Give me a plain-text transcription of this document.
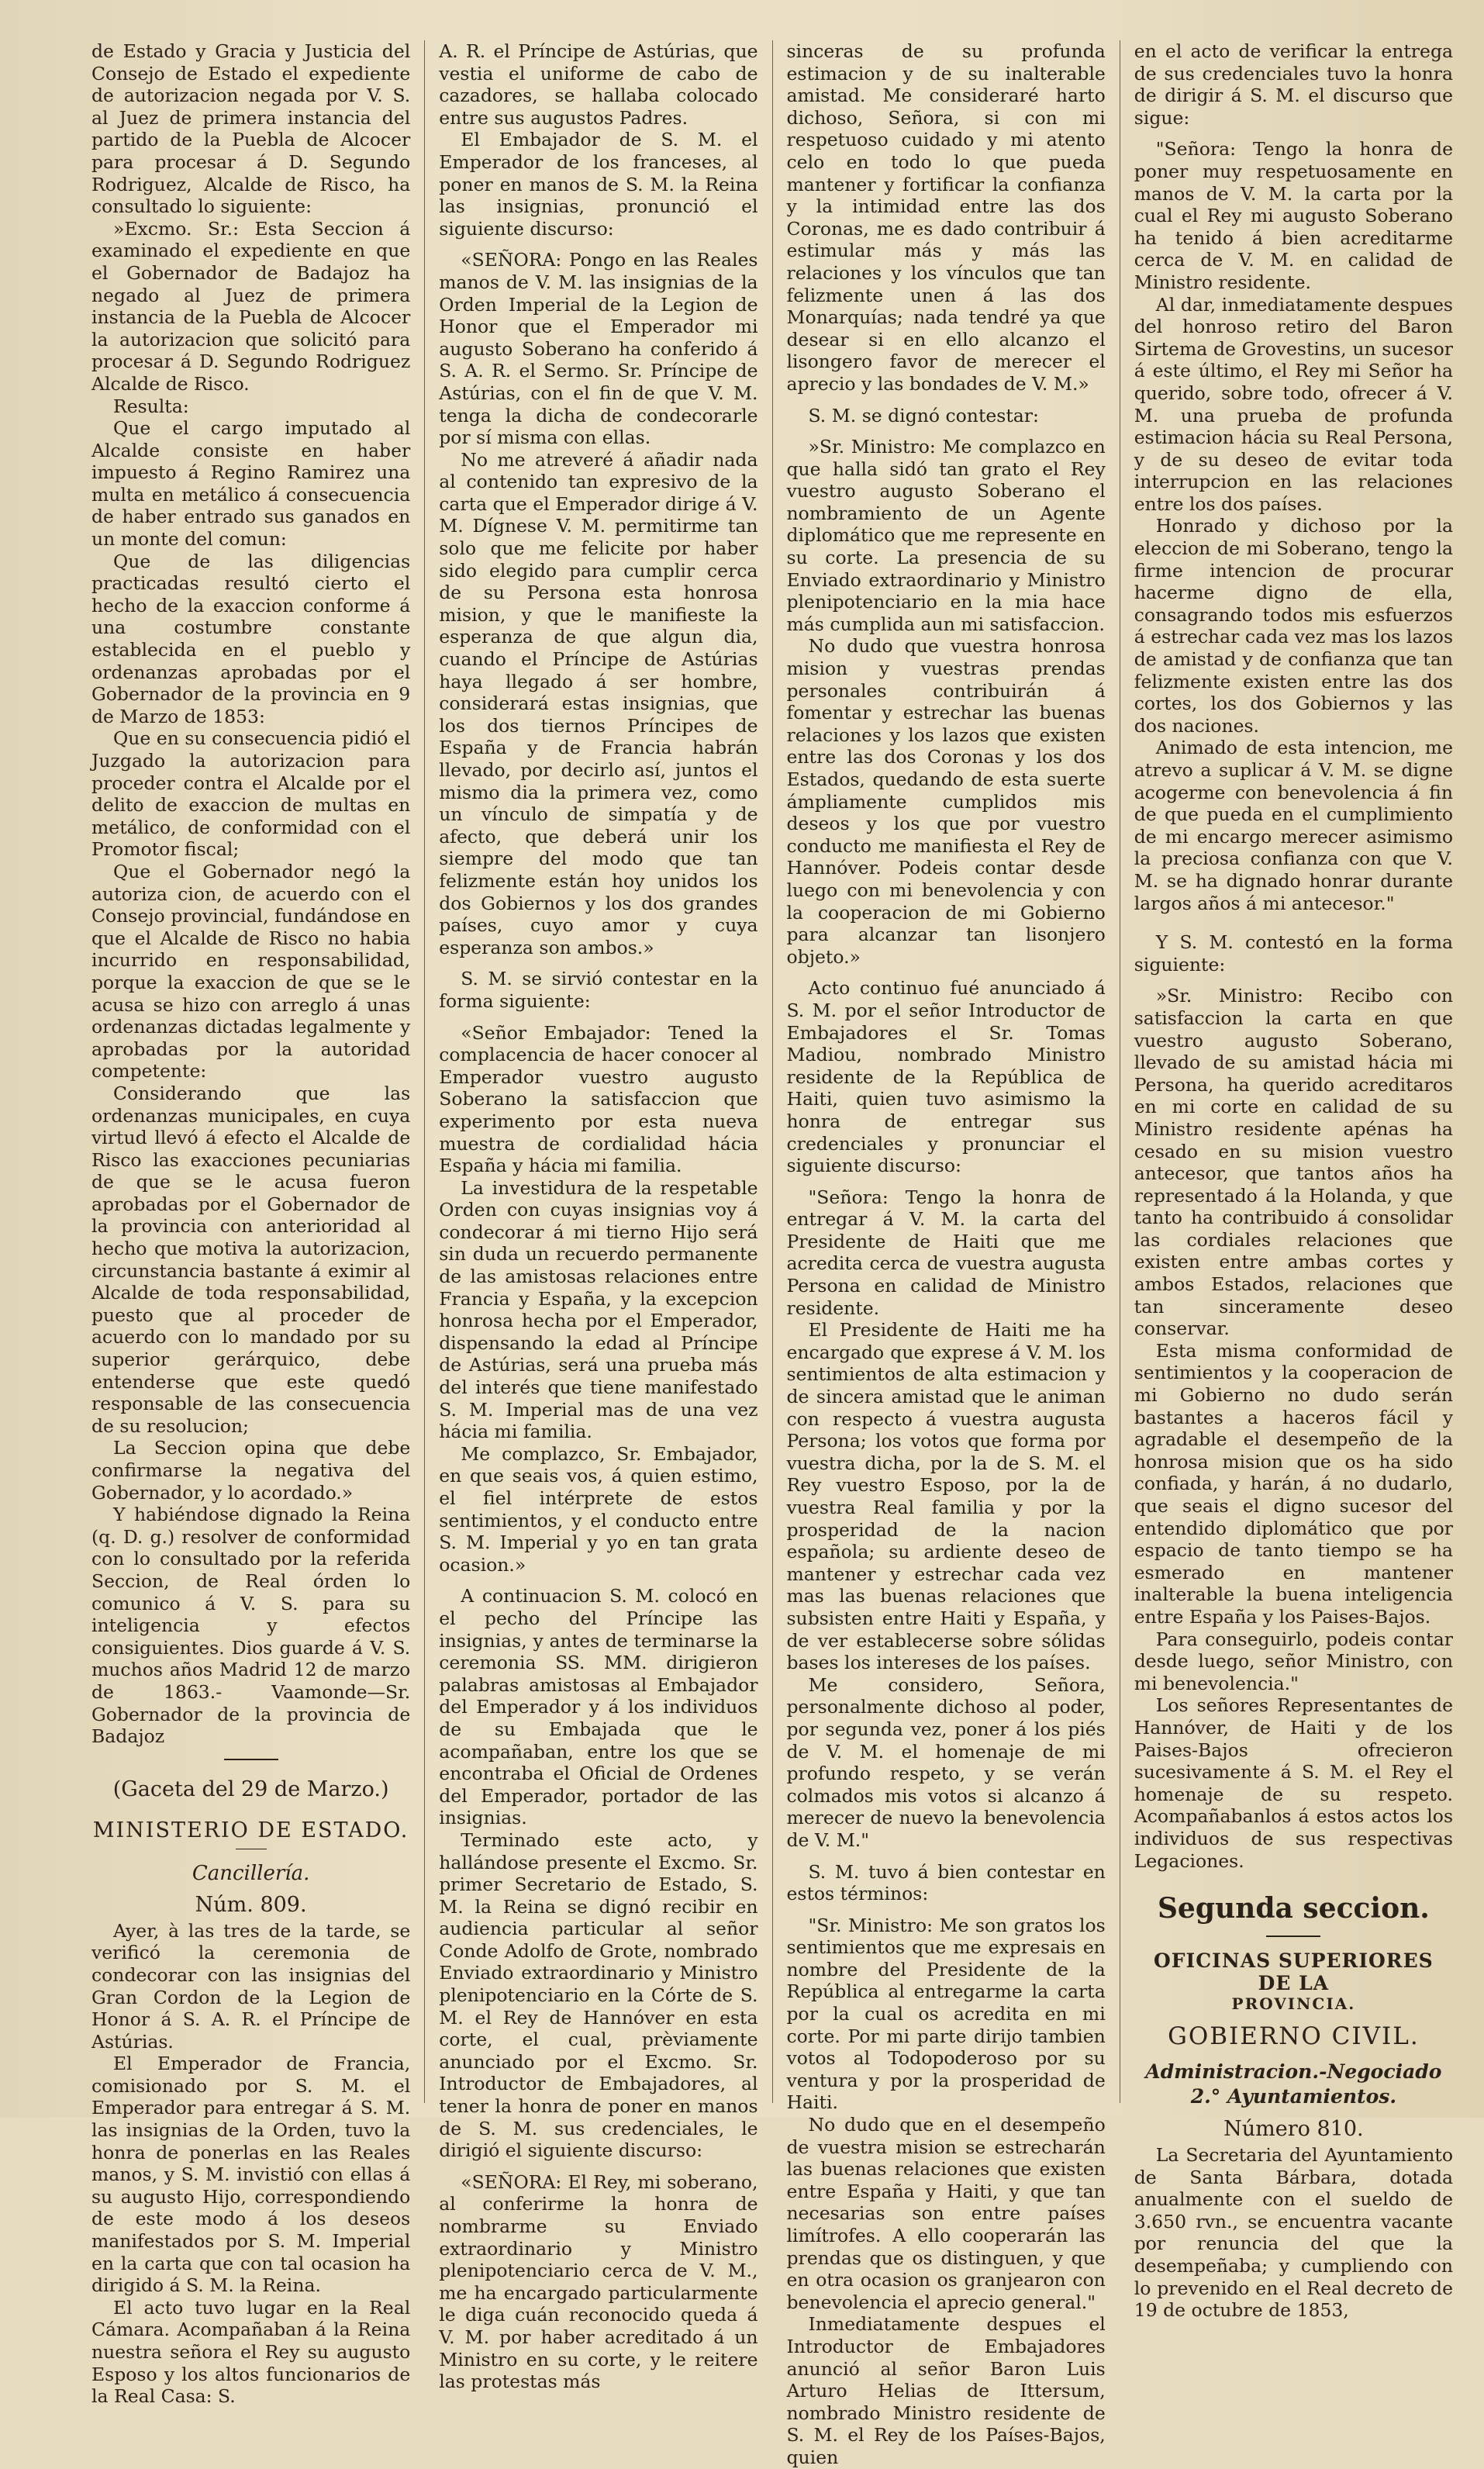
de Estado y Gracia y Justicia del Consejo de Estado el expediente de autorizacion negada por V. S. al Juez de primera instancia del partido de la Puebla de Alcocer para procesar á D. Segundo Rodriguez, Alcalde de Risco, ha consultado lo siguiente:

»Excmo. Sr.: Esta Seccion á examinado el expediente en que el Gobernador de Badajoz ha negado al Juez de primera instancia de la Puebla de Alcocer la autorizacion que solicitó para procesar á D. Segundo Rodriguez Alcalde de Risco.

Resulta:

Que el cargo imputado al Alcalde consiste en haber impuesto á Regino Ramirez una multa en metálico á consecuencia de haber entrado sus ganados en un monte del comun:

Que de las diligencias practicadas resultó cierto el hecho de la exaccion conforme á una costumbre constante establecida en el pueblo y ordenanzas aprobadas por el Gobernador de la provincia en 9 de Marzo de 1853:

Que en su consecuencia pidió el Juzgado la autorizacion para proceder contra el Alcalde por el delito de exaccion de multas en metálico, de conformidad con el Promotor fiscal;

Que el Gobernador negó la autoriza cion, de acuerdo con el Consejo provincial, fundándose en que el Alcalde de Risco no habia incurrido en responsabilidad, porque la exaccion de que se le acusa se hizo con arreglo á unas ordenanzas dictadas legalmente y aprobadas por la autoridad competente:

Considerando que las ordenanzas municipales, en cuya virtud llevó á efecto el Alcalde de Risco las exacciones pecuniarias de que se le acusa fueron aprobadas por el Gobernador de la provincia con anterioridad al hecho que motiva la autorizacion, circunstancia bastante á eximir al Alcalde de toda responsabilidad, puesto que al proceder de acuerdo con lo mandado por su superior gerárquico, debe entenderse que este quedó responsable de las consecuencia de su resolucion;

La Seccion opina que debe confirmarse la negativa del Gobernador, y lo acordado.»

Y habiéndose dignado la Reina (q. D. g.) resolver de conformidad con lo consultado por la referida Seccion, de Real órden lo comunico á V. S. para su inteligencia y efectos consiguientes. Dios guarde á V. S. muchos años Madrid 12 de marzo de 1863.- Vaamonde—Sr. Gobernador de la provincia de Badajoz

(Gaceta del 29 de Marzo.)
MINISTERIO DE ESTADO.
Cancillería.
Núm. 809.

Ayer, à las tres de la tarde, se verificó la ceremonia de condecorar con las insignias del Gran Cordon de la Legion de Honor á S. A. R. el Príncipe de Astúrias.

El Emperador de Francia, comisionado por S. M. el Emperador para entregar á S. M. las insignias de la Orden, tuvo la honra de ponerlas en las Reales manos, y S. M. invistió con ellas á su augusto Hijo, correspondiendo de este modo á los deseos manifestados por S. M. Imperial en la carta que con tal ocasion ha dirigido á S. M. la Reina.

El acto tuvo lugar en la Real Cámara. Acompañaban á la Reina nuestra señora el Rey su augusto Esposo y los altos funcionarios de la Real Casa: S.

A. R. el Príncipe de Astúrias, que vestia el uniforme de cabo de cazadores, se hallaba colocado entre sus augustos Padres.

El Embajador de S. M. el Emperador de los franceses, al poner en manos de S. M. la Reina las insignias, pronunció el siguiente discurso:

«SEÑORA: Pongo en las Reales manos de V. M. las insignias de la Orden Imperial de la Legion de Honor que el Emperador mi augusto Soberano ha conferido á S. A. R. el Sermo. Sr. Príncipe de Astúrias, con el fin de que V. M. tenga la dicha de condecorarle por sí misma con ellas.

No me atreveré á añadir nada al contenido tan expresivo de la carta que el Emperador dirige á V. M. Dígnese V. M. permitirme tan solo que me felicite por haber sido elegido para cumplir cerca de su Persona esta honrosa mision, y que le manifieste la esperanza de que algun dia, cuando el Príncipe de Astúrias haya llegado á ser hombre, considerará estas insignias, que los dos tiernos Príncipes de España y de Francia habrán llevado, por decirlo así, juntos el mismo dia la primera vez, como un vínculo de simpatía y de afecto, que deberá unir los siempre del modo que tan felizmente están hoy unidos los dos Gobiernos y los dos grandes países, cuyo amor y cuya esperanza son ambos.»

S. M. se sirvió contestar en la forma siguiente:

«Señor Embajador: Tened la complacencia de hacer conocer al Emperador vuestro augusto Soberano la satisfaccion que experimento por esta nueva muestra de cordialidad hácia España y hácia mi familia.

La investidura de la respetable Orden con cuyas insignias voy á condecorar á mi tierno Hijo será sin duda un recuerdo permanente de las amistosas relaciones entre Francia y España, y la excepcion honrosa hecha por el Emperador, dispensando la edad al Príncipe de Astúrias, será una prueba más del interés que tiene manifestado S. M. Imperial mas de una vez hácia mi familia.

Me complazco, Sr. Embajador, en que seais vos, á quien estimo, el fiel intérprete de estos sentimientos, y el conducto entre S. M. Imperial y yo en tan grata ocasion.»

A continuacion S. M. colocó en el pecho del Príncipe las insignias, y antes de terminarse la ceremonia SS. MM. dirigieron palabras amistosas al Embajador del Emperador y á los individuos de su Embajada que le acompañaban, entre los que se encontraba el Oficial de Ordenes del Emperador, portador de las insignias.

Terminado este acto, y hallándose presente el Excmo. Sr. primer Secretario de Estado, S. M. la Reina se dignó recibir en audiencia particular al señor Conde Adolfo de Grote, nombrado Enviado extraordinario y Ministro plenipotenciario en la Córte de S. M. el Rey de Hannóver en esta corte, el cual, prèviamente anunciado por el Excmo. Sr. Introductor de Embajadores, al tener la honra de poner en manos de S. M. sus credenciales, le dirigió el siguiente discurso:

«SEÑORA: El Rey, mi soberano, al conferirme la honra de nombrarme su Enviado extraordinario y Ministro plenipotenciario cerca de V. M., me ha encargado particularmente le diga cuán reconocido queda á V. M. por haber acreditado á un Ministro en su corte, y le reitere las protestas más

sinceras de su profunda estimacion y de su inalterable amistad. Me consideraré harto dichoso, Señora, si con mi respetuoso cuidado y mi atento celo en todo lo que pueda mantener y fortificar la confianza y la intimidad entre las dos Coronas, me es dado contribuir á estimular más y más las relaciones y los vínculos que tan felizmente unen á las dos Monarquías; nada tendré ya que desear si en ello alcanzo el lisongero favor de merecer el aprecio y las bondades de V. M.»

S. M. se dignó contestar:

»Sr. Ministro: Me complazco en que halla sidó tan grato el Rey vuestro augusto Soberano el nombramiento de un Agente diplomático que me represente en su corte. La presencia de su Enviado extraordinario y Ministro plenipotenciario en la mia hace más cumplida aun mi satisfaccion.

No dudo que vuestra honrosa mision y vuestras prendas personales contribuirán á fomentar y estrechar las buenas relaciones y los lazos que existen entre las dos Coronas y los dos Estados, quedando de esta suerte ámpliamente cumplidos mis deseos y los que por vuestro conducto me manifiesta el Rey de Hannóver. Podeis contar desde luego con mi benevolencia y con la cooperacion de mi Gobierno para alcanzar tan lisonjero objeto.»

Acto continuo fué anunciado á S. M. por el señor Introductor de Embajadores el Sr. Tomas Madiou, nombrado Ministro residente de la República de Haiti, quien tuvo asimismo la honra de entregar sus credenciales y pronunciar el siguiente discurso:

"Señora: Tengo la honra de entregar á V. M. la carta del Presidente de Haiti que me acredita cerca de vuestra augusta Persona en calidad de Ministro residente.

El Presidente de Haiti me ha encargado que exprese á V. M. los sentimientos de alta estimacion y de sincera amistad que le animan con respecto á vuestra augusta Persona; los votos que forma por vuestra dicha, por la de S. M. el Rey vuestro Esposo, por la de vuestra Real familia y por la prosperidad de la nacion española; su ardiente deseo de mantener y estrechar cada vez mas las buenas relaciones que subsisten entre Haiti y España, y de ver establecerse sobre sólidas bases los intereses de los países.

Me considero, Señora, personalmente dichoso al poder, por segunda vez, poner á los piés de V. M. el homenaje de mi profundo respeto, y se verán colmados mis votos si alcanzo á merecer de nuevo la benevolencia de V. M."

S. M. tuvo á bien contestar en estos términos:

"Sr. Ministro: Me son gratos los sentimientos que me expresais en nombre del Presidente de la República al entregarme la carta por la cual os acredita en mi corte. Por mi parte dirijo tambien votos al Todopoderoso por su ventura y por la prosperidad de Haiti.

No dudo que en el desempeño de vuestra mision se estrecharán las buenas relaciones que existen entre España y Haiti, y que tan necesarias son entre países limítrofes. A ello cooperarán las prendas que os distinguen, y que en otra ocasion os granjearon con benevolencia el aprecio general."

Inmediatamente despues el Introductor de Embajadores anunció al señor Baron Luis Arturo Helias de Ittersum, nombrado Ministro residente de S. M. el Rey de los Países-Bajos, quien

en el acto de verificar la entrega de sus credenciales tuvo la honra de dirigir á S. M. el discurso que sigue:

"Señora: Tengo la honra de poner muy respetuosamente en manos de V. M. la carta por la cual el Rey mi augusto Soberano ha tenido á bien acreditarme cerca de V. M. en calidad de Ministro residente.

Al dar, inmediatamente despues del honroso retiro del Baron Sirtema de Grovestins, un sucesor á este último, el Rey mi Señor ha querido, sobre todo, ofrecer á V. M. una prueba de profunda estimacion hácia su Real Persona, y de su deseo de evitar toda interrupcion en las relaciones entre los dos países.

Honrado y dichoso por la eleccion de mi Soberano, tengo la firme intencion de procurar hacerme digno de ella, consagrando todos mis esfuerzos á estrechar cada vez mas los lazos de amistad y de confianza que tan felizmente existen entre las dos cortes, los dos Gobiernos y las dos naciones.

Animado de esta intencion, me atrevo a suplicar á V. M. se digne acogerme con benevolencia á fin de que pueda en el cumplimiento de mi encargo merecer asimismo la preciosa confianza con que V. M. se ha dignado honrar durante largos años á mi antecesor."

Y S. M. contestó en la forma siguiente:

»Sr. Ministro: Recibo con satisfaccion la carta en que vuestro augusto Soberano, llevado de su amistad hácia mi Persona, ha querido acreditaros en mi corte en calidad de su Ministro residente apénas ha cesado en su mision vuestro antecesor, que tantos años ha representado á la Holanda, y que tanto ha contribuido á consolidar las cordiales relaciones que existen entre ambas cortes y ambos Estados, relaciones que tan sinceramente deseo conservar.

Esta misma conformidad de sentimientos y la cooperacion de mi Gobierno no dudo serán bastantes a haceros fácil y agradable el desempeño de la honrosa mision que os ha sido confiada, y harán, á no dudarlo, que seais el digno sucesor del entendido diplomático que por espacio de tanto tiempo se ha esmerado en mantener inalterable la buena inteligencia entre España y los Paises-Bajos.

Para conseguirlo, podeis contar desde luego, señor Ministro, con mi benevolencia."

Los señores Representantes de Hannóver, de Haiti y de los Paises-Bajos ofrecieron sucesivamente á S. M. el Rey el homenaje de su respeto. Acompañabanlos á estos actos los individuos de sus respectivas Legaciones.

Segunda seccion.
OFICINAS SUPERIORES DE LA
PROVINCIA.
GOBIERNO CIVIL.
Administracion.-Negociado 2.° Ayuntamientos.
Número 810.

La Secretaria del Ayuntamiento de Santa Bárbara, dotada anualmente con el sueldo de 3.650 rvn., se encuentra vacante por renuncia del que la desempeñaba; y cumpliendo con lo prevenido en el Real decreto de 19 de octubre de 1853,
